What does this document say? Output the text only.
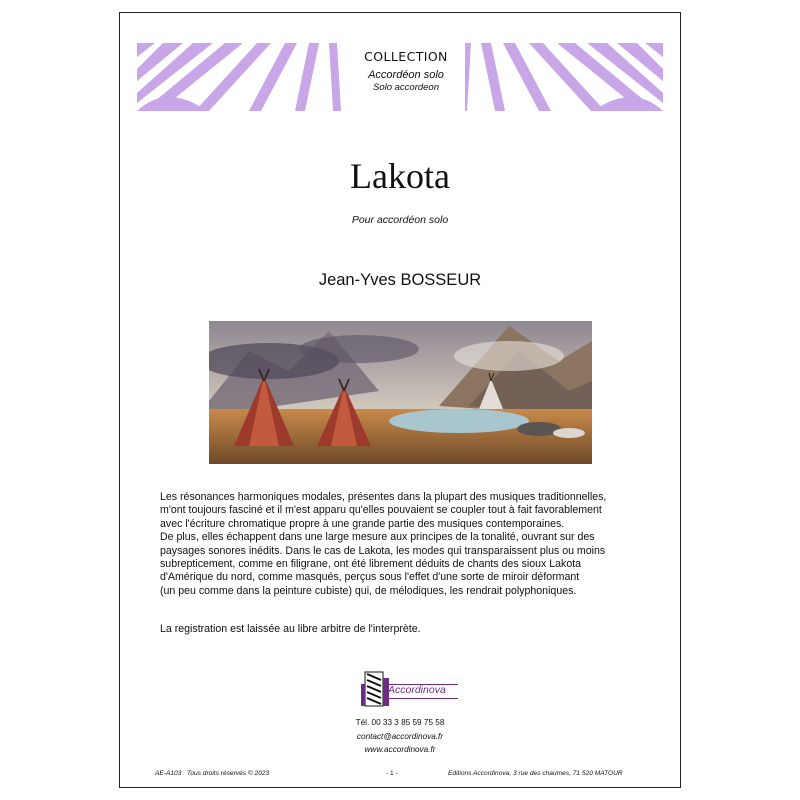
COLLECTION
Accordéon solo
Solo accordeon
Lakota
Pour accordéon solo
Jean-Yves BOSSEUR

Les résonances harmoniques modales, présentes dans la plupart des musiques traditionnelles,

m'ont toujours fasciné et il m'est apparu qu'elles pouvaient se coupler tout à fait favorablement

avec l'écriture chromatique propre à une grande partie des musiques contemporaines.

De plus, elles échappent dans une large mesure aux principes de la tonalité, ouvrant sur des

paysages sonores inédits. Dans le cas de Lakota, les modes qui transparaissent plus ou moins

subrepticement, comme en filigrane, ont été librement déduits de chants des sioux Lakota

d'Amérique du nord, comme masqués, perçus sous l'effet d'une sorte de miroir déformant

(un peu comme dans la peinture cubiste) qui, de mélodiques, les rendrait polyphoniques.

La registration est laissée au libre arbitre de l'interprète.
Accordinova
Tél. 00 33 3 85 59 75 58
contact@accordinova.fr
www.accordinova.fr
AE-A103 Tous droits réservés © 2023	- 1 -	Editions Accordinova, 3 rue des chaumes, 71 520 MATOUR
